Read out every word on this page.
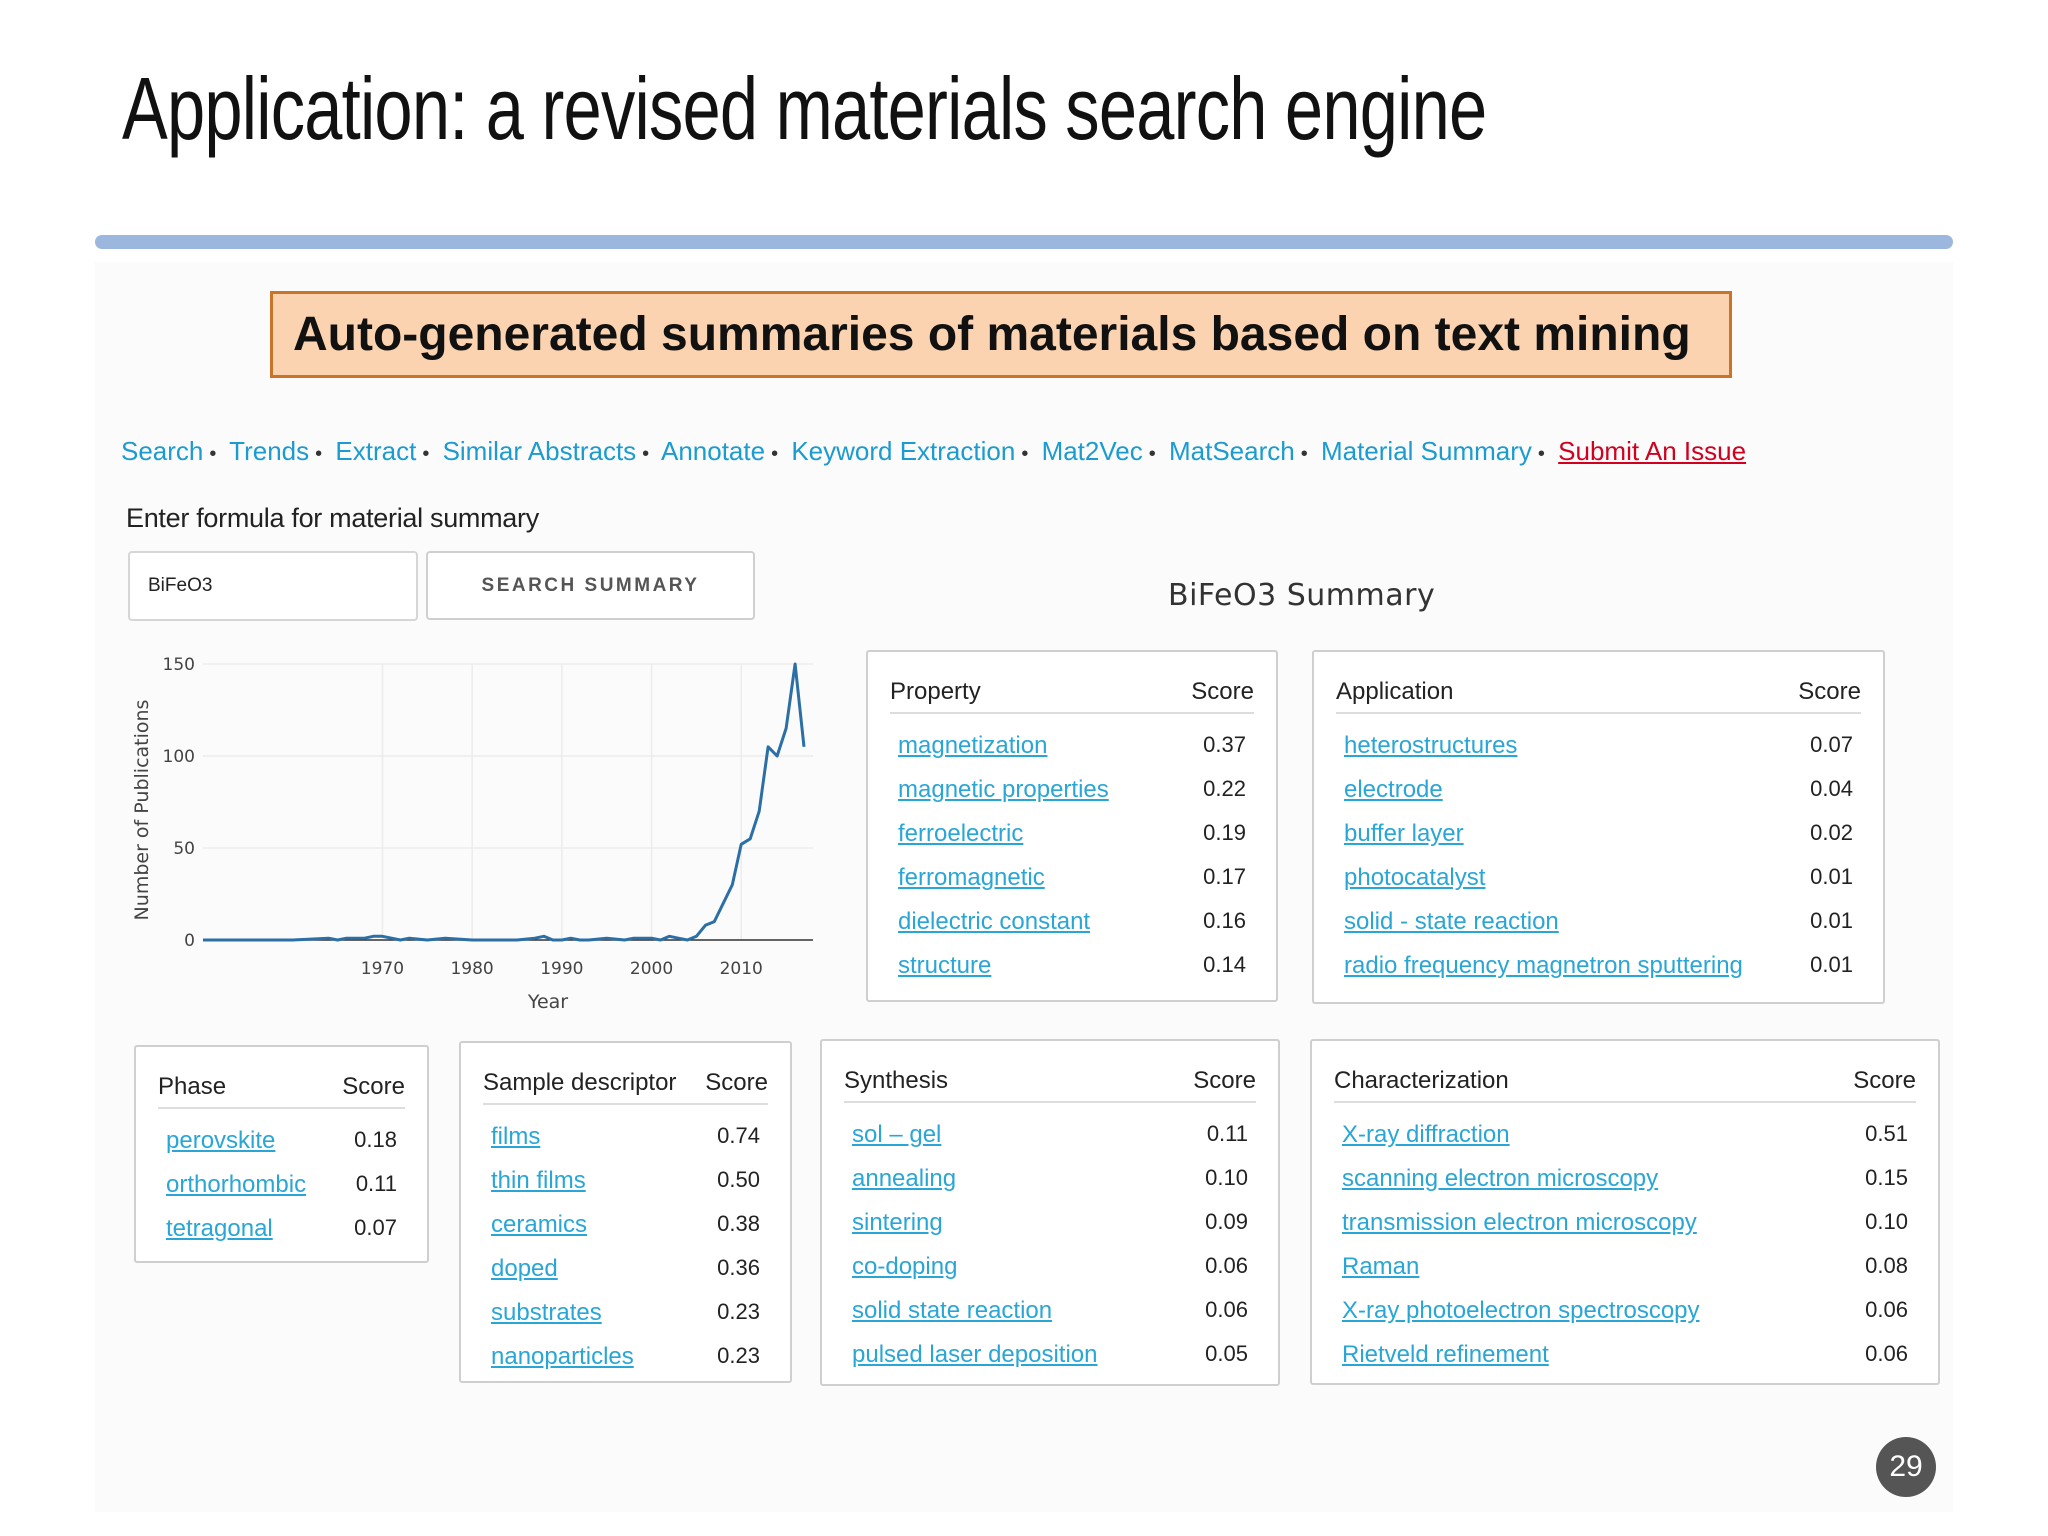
Application: a revised materials search engine
Auto-generated summaries of materials based on text mining
Search • Trends • Extract • Similar Abstracts • Annotate • Keyword Extraction • Mat2Vec • MatSearch • Material Summary • Submit An Issue
Enter formula for material summary
BiFeO3
SEARCH SUMMARY	BiFeO3 Summary
1970	1980	1990	2000	2010
0
50
100
150
Year
Number of Publications
Property	Score
magnetization	0.37
magnetic properties	0.22
ferroelectric	0.19
ferromagnetic	0.17
dielectric constant	0.16
structure	0.14
Application	Score
heterostructures	0.07
electrode	0.04
buffer layer	0.02
photocatalyst	0.01
solid - state reaction	0.01
radio frequency magnetron sputtering	0.01
Phase	Score
perovskite	0.18
orthorhombic 0.11
tetragonal	0.07
Sample descriptor Score
films	0.74
thin films	0.50
ceramics	0.38
doped	0.36
substrates	0.23
nanoparticles	0.23
Synthesis	Score
sol – gel	0.11
annealing	0.10
sintering	0.09
co-doping	0.06
solid state reaction	0.06
pulsed laser deposition	0.05
Characterization	Score
X-ray diffraction	0.51
scanning electron microscopy	0.15
transmission electron microscopy	0.10
Raman	0.08
X-ray photoelectron spectroscopy	0.06
Rietveld refinement	0.06
29
